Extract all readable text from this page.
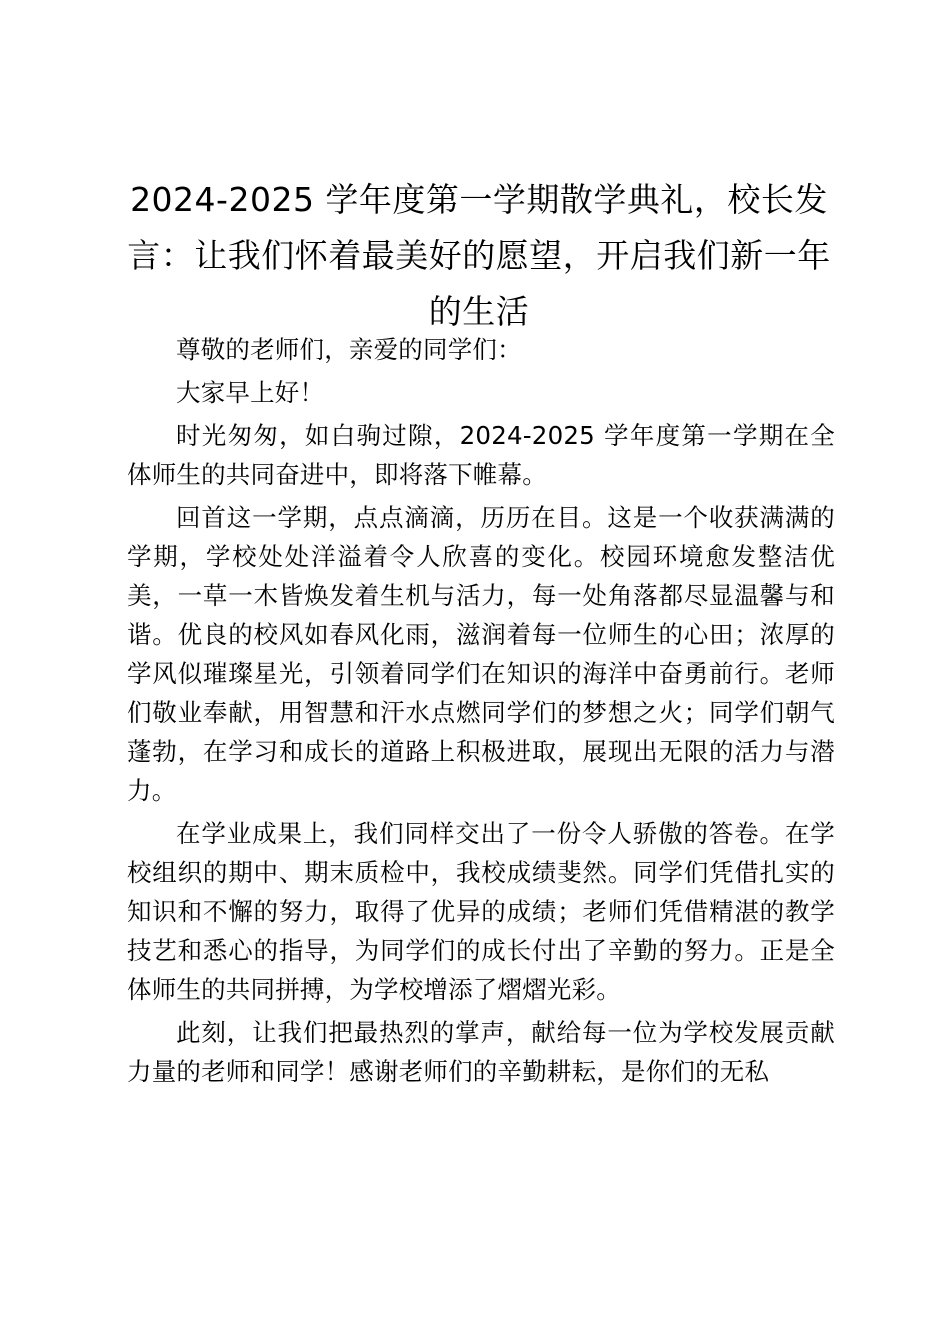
2024-2025 学年度第一学期散学典礼，校长发言：让我们怀着最美好的愿望，开启我们新一年的生活

尊敬的老师们，亲爱的同学们：

大家早上好！

时光匆匆，如白驹过隙，2024-2025 学年度第一学期在全体师生的共同奋进中，即将落下帷幕。

回首这一学期，点点滴滴，历历在目。这是一个收获满满的学期，学校处处洋溢着令人欣喜的变化。校园环境愈发整洁优美，一草一木皆焕发着生机与活力，每一处角落都尽显温馨与和谐。优良的校风如春风化雨，滋润着每一位师生的心田；浓厚的学风似璀璨星光，引领着同学们在知识的海洋中奋勇前行。老师们敬业奉献，用智慧和汗水点燃同学们的梦想之火；同学们朝气蓬勃，在学习和成长的道路上积极进取，展现出无限的活力与潜力。

在学业成果上，我们同样交出了一份令人骄傲的答卷。在学校组织的期中、期末质检中，我校成绩斐然。同学们凭借扎实的知识和不懈的努力，取得了优异的成绩；老师们凭借精湛的教学技艺和悉心的指导，为同学们的成长付出了辛勤的努力。正是全体师生的共同拼搏，为学校增添了熠熠光彩。

此刻，让我们把最热烈的掌声，献给每一位为学校发展贡献力量的老师和同学！感谢老师们的辛勤耕耘，是你们的无私
